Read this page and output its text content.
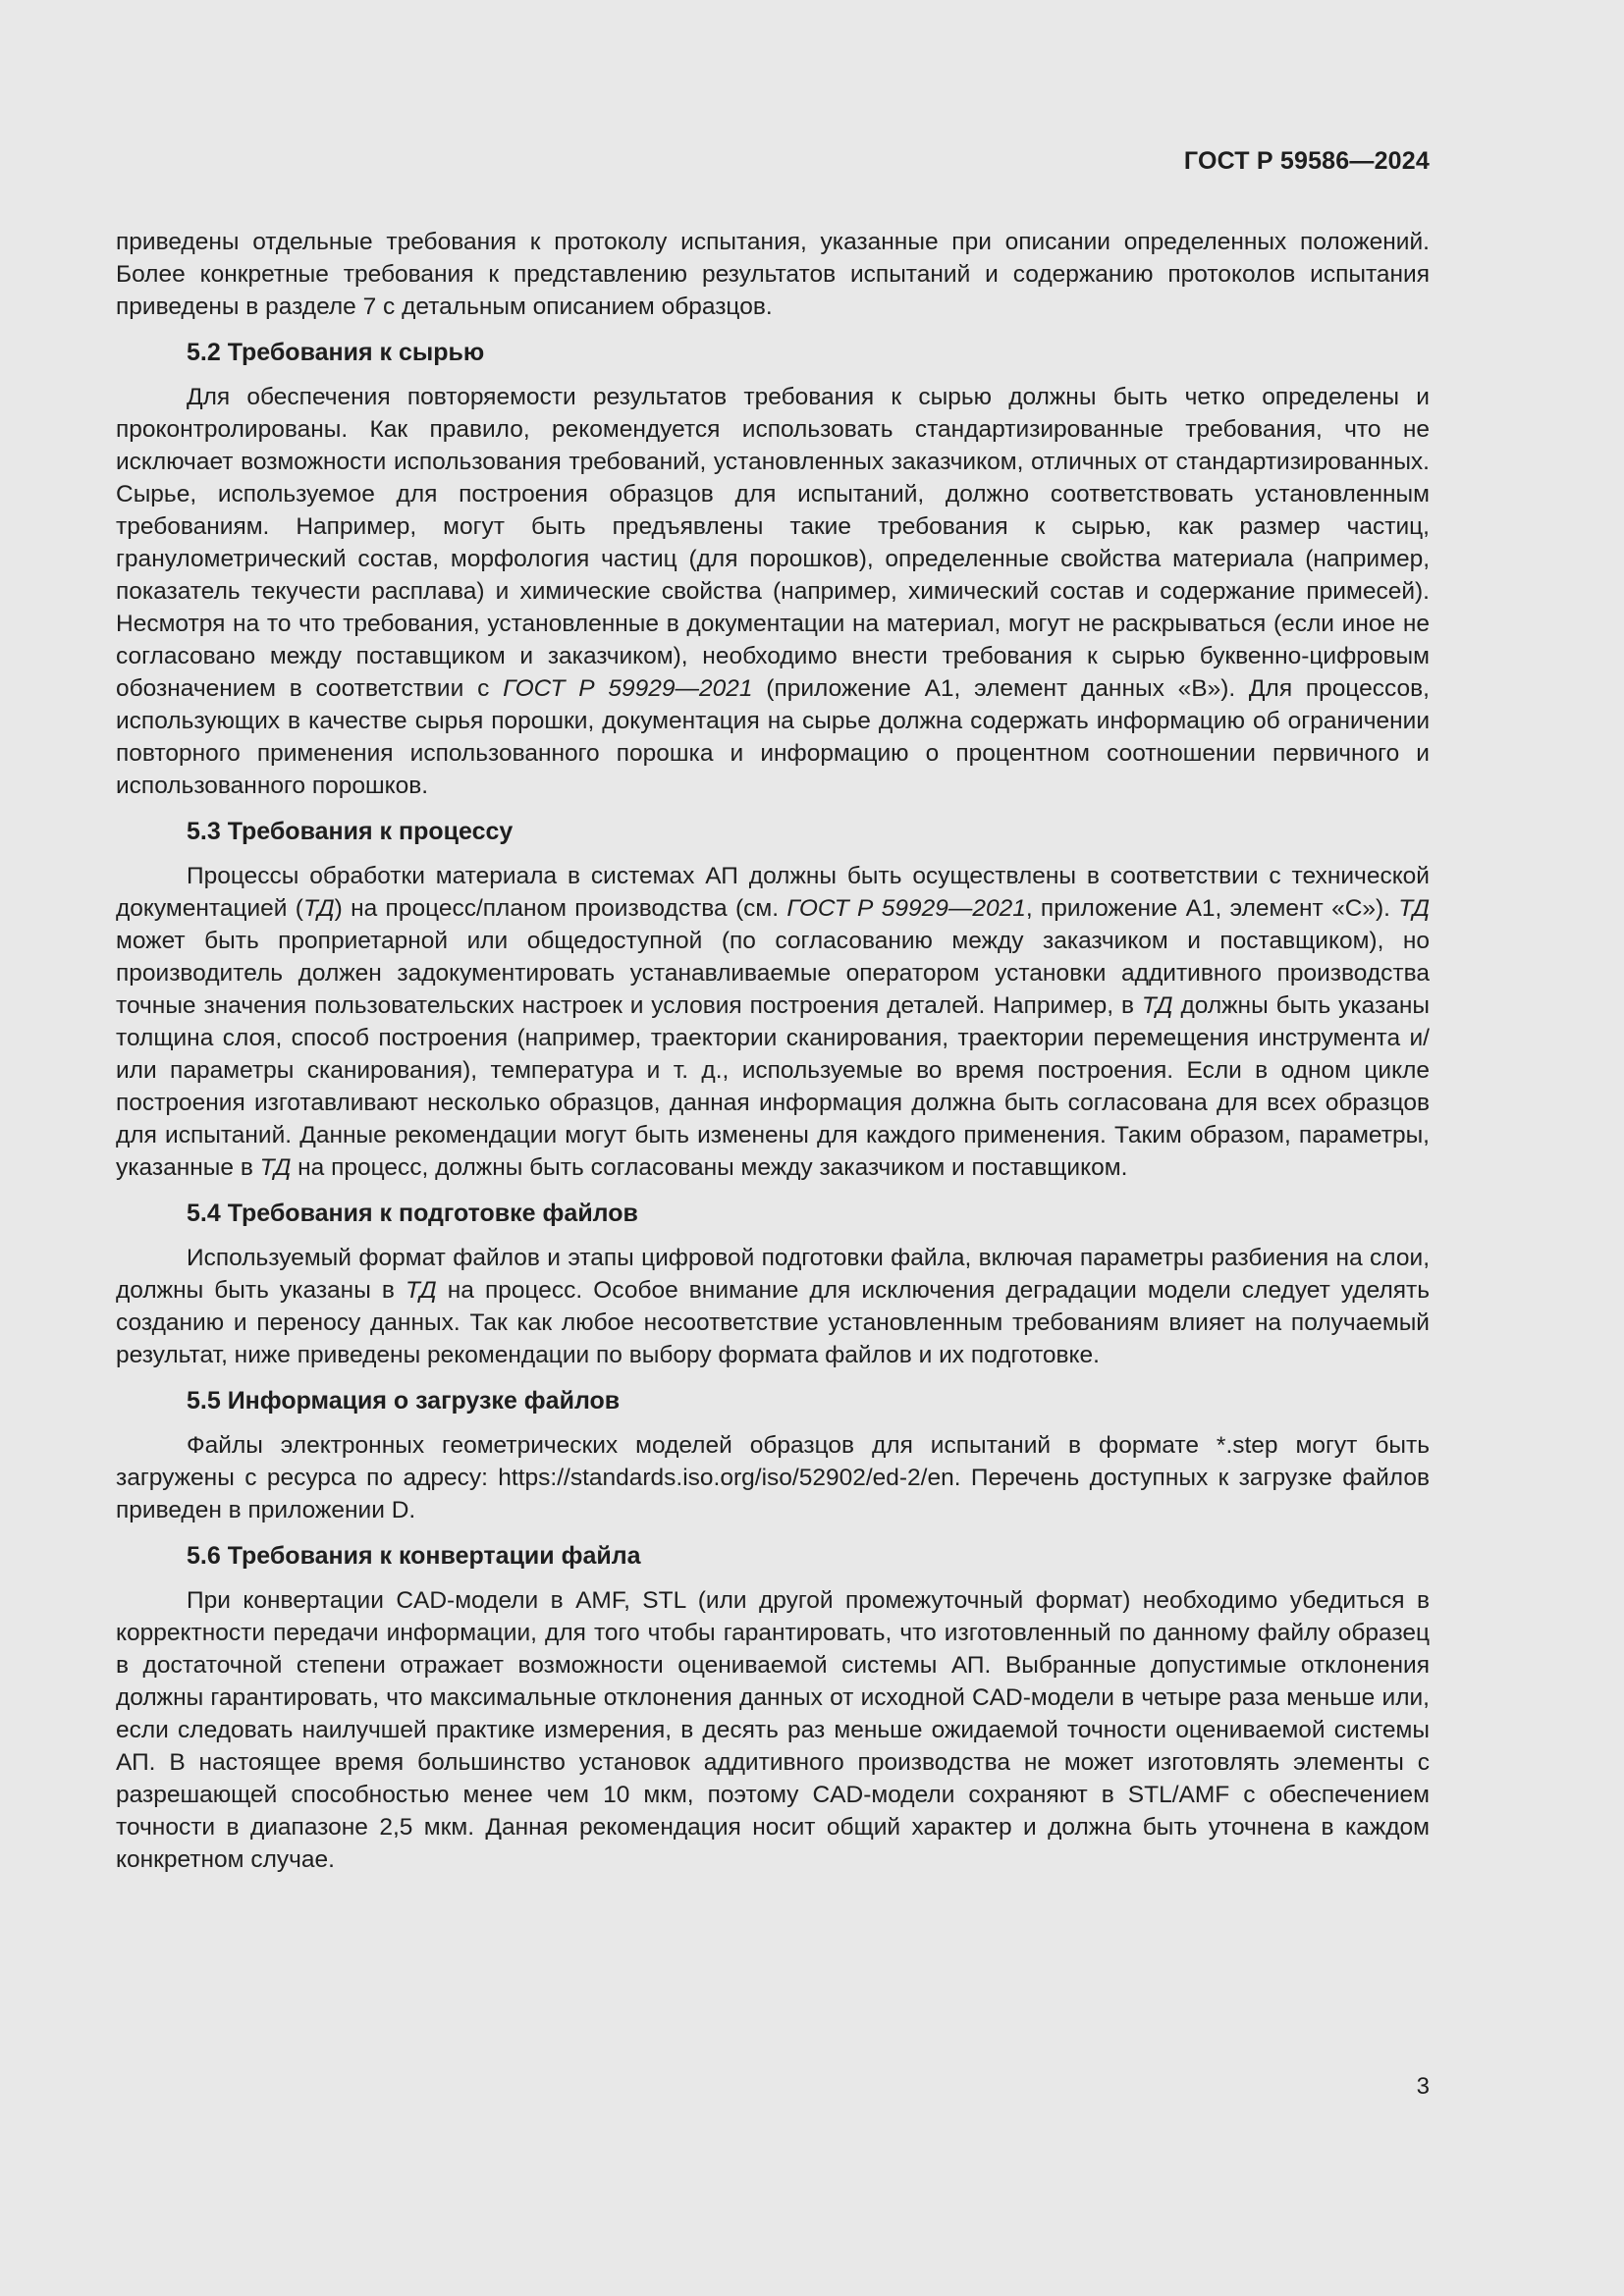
ГОСТ Р 59586—2024

приведены отдельные требования к протоколу испытания, указанные при описании определенных положений. Более конкретные требования к представлению результатов испытаний и содержанию протоколов испытания приведены в разделе 7 с детальным описанием образцов.

5.2 Требования к сырью

Для обеспечения повторяемости результатов требования к сырью должны быть четко определены и проконтролированы. Как правило, рекомендуется использовать стандартизированные требования, что не исключает возможности использования требований, установленных заказчиком, отличных от стандартизированных. Сырье, используемое для построения образцов для испытаний, должно соответствовать установленным требованиям. Например, могут быть предъявлены такие требования к сырью, как размер частиц, гранулометрический состав, морфология частиц (для порошков), определенные свойства материала (например, показатель текучести расплава) и химические свойства (например, химический состав и содержание примесей). Несмотря на то что требования, установленные в документации на материал, могут не раскрываться (если иное не согласовано между поставщиком и заказчиком), необходимо внести требования к сырью буквенно-цифровым обозначением в соответствии с ГОСТ Р 59929—2021 (приложение А1, элемент данных «В»). Для процессов, использующих в качестве сырья порошки, документация на сырье должна содержать информацию об ограничении повторного применения использованного порошка и информацию о процентном соотношении первичного и использованного порошков.

5.3 Требования к процессу

Процессы обработки материала в системах АП должны быть осуществлены в соответствии с технической документацией (ТД) на процесс/планом производства (см. ГОСТ Р 59929—2021, приложение А1, элемент «С»). ТД может быть проприетарной или общедоступной (по согласованию между заказчиком и поставщиком), но производитель должен задокументировать устанавливаемые оператором установки аддитивного производства точные значения пользовательских настроек и условия построения деталей. Например, в ТД должны быть указаны толщина слоя, способ построения (например, траектории сканирования, траектории перемещения инструмента и/или параметры сканирования), температура и т. д., используемые во время построения. Если в одном цикле построения изготавливают несколько образцов, данная информация должна быть согласована для всех образцов для испытаний. Данные рекомендации могут быть изменены для каждого применения. Таким образом, параметры, указанные в ТД на процесс, должны быть согласованы между заказчиком и поставщиком.

5.4 Требования к подготовке файлов

Используемый формат файлов и этапы цифровой подготовки файла, включая параметры разбиения на слои, должны быть указаны в ТД на процесс. Особое внимание для исключения деградации модели следует уделять созданию и переносу данных. Так как любое несоответствие установленным требованиям влияет на получаемый результат, ниже приведены рекомендации по выбору формата файлов и их подготовке.

5.5 Информация о загрузке файлов

Файлы электронных геометрических моделей образцов для испытаний в формате *.step могут быть загружены с ресурса по адресу: https://standards.iso.org/iso/52902/ed-2/en. Перечень доступных к загрузке файлов приведен в приложении D.

5.6 Требования к конвертации файла

При конвертации CAD-модели в AMF, STL (или другой промежуточный формат) необходимо убедиться в корректности передачи информации, для того чтобы гарантировать, что изготовленный по данному файлу образец в достаточной степени отражает возможности оцениваемой системы АП. Выбранные допустимые отклонения должны гарантировать, что максимальные отклонения данных от исходной CAD-модели в четыре раза меньше или, если следовать наилучшей практике измерения, в десять раз меньше ожидаемой точности оцениваемой системы АП. В настоящее время большинство установок аддитивного производства не может изготовлять элементы с разрешающей способностью менее чем 10 мкм, поэтому CAD-модели сохраняют в STL/AMF с обеспечением точности в диапазоне 2,5 мкм. Данная рекомендация носит общий характер и должна быть уточнена в каждом конкретном случае.

3
